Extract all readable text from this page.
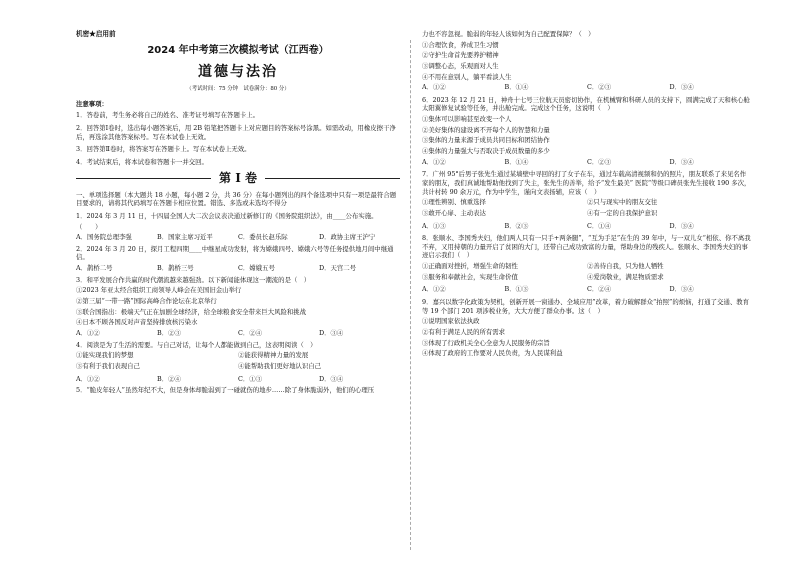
机密★启用前
2024 年中考第三次模拟考试（江西卷）
道德与法治
（考试时间：75 分钟　试卷满分：80 分）
注意事项：

1．答卷前，考生务必将自己的姓名、准考证号填写在答题卡上。

2．回答第Ⅰ卷时，选出每小题答案后，用 2B 铅笔把答题卡上对应题目的答案标号涂黑。如需改动，用橡皮擦干净后，再选涂其他答案标号。写在本试卷上无效。

3．回答第Ⅱ卷时，将答案写在答题卡上。写在本试卷上无效。

4．考试结束后，将本试卷和答题卡一并交回。

第 Ⅰ 卷

一、单项选择题（本大题共 18 小题，每小题 2 分，共 36 分）在每小题列出的四个备选项中只有一项是最符合题目要求的，请将其代码填写在答题卡相应位置。错选、多选或未选均不得分

1．2024 年 3 月 11 日，十四届全国人大二次会议表决通过新修订的《国务院组织法》，由____公布实施。

（　　）

A．国务院总理李强	B．国家主席习近平	C．委员长赵乐际	D．政协主席王沪宁

2．2024 年 3 月 20 日，探月工程四期____中继星成功发射，将为嫦娥四号、嫦娥六号等任务提供地月间中继通信。

A．鹊桥二号	B．鹊桥三号	C．嫦娥五号	D．天宫二号

3．和平发展合作共赢的时代潮流越来越强劲。以下新闻能体现这一潮流的是（　）

①2023 年亚太经合组织工商领导人峰会在美国旧金山举行

②第三届“一带一路”国际高峰合作论坛在北京举行

③联合国指出：极端天气正在加剧全球经济，给全球粮食安全带来巨大风险和挑战

④日本不顾各国反对声音坚持排放核污染水

A．①②	B．②③	C．②④	D．③④

4．阅读是为了生活的需要。与自己对话，让每个人都能做到自己，这表明阅读（　）

①能实现我们的梦想	②能获得精神力量的发展
③有利于我们表现自己	④能帮助我们更好地认识自己
A．①②	B．②④	C．①③	D．③④

5．“脆皮年轻人”虽然年纪不大，但是身体却脆弱到了一碰就伤的地步……除了身体脆弱外，他们的心理压

力也不容忽视。脆弱的年轻人该如何为自己配置保障？（　）

①合理饮食，养成卫生习惯

②守护生命首先要养护精神

③调整心态，乐观面对人生

④不用在意别人，躺平看淡人生

A．①②	B．①④	C．②③	D．③④

6．2023 年 12 月 21 日，神舟十七号三位航天员密切协作，在机械臂和科研人员的支持下，圆满完成了天和核心舱太阳翼修复试验等任务，并出舱完成。完成这个任务，这说明（　）

①集体可以影响甚至改变一个人

②美好集体的建设离不开每个人的智慧和力量

③集体的力量来源于成员共同目标和团结协作

④集体的力量强大与否取决于成员数量的多少

A．①②	B．①④	C．②③	D．③④

7．广州 95°后男子张先生通过某墙壁中寻回的打了女子在车，通过车载高清视频和仍的照片，朋友联系了来见名作家的朋友，我们真诚地帮助他找到了失主，张先生的善举，给予“发生最美” 医院“等级口碑员张先生接收 190 多次，共计村转 90 余万元，作为中学生，谨向文表扬辅，应该（　）

①理性辨别、慎重选择	②只与现实中的朋友交往
③敢开心扉、主动表达	④有一定的自我保护意识
A．①③	B．②③	C．①④	D．③④

8．张顺水、李国秀夫妇，他们两人只有一只手+两条腿”，“互为手足”在生的 39 年中，与一双儿女“相依、你不离我不弃，又用持朝的力量开启了贫困的大门，还带自己成功致富的力量，帮助身边的残疾人。张顺水、李国秀夫妇的事迹启示我们（　）

①正确面对挫折，增强生命的韧性	②善待自我，只为他人牺牲
③服务和奉献社会，实现生命价值	④爱岗敬业，满足物质需求
A．①②	B．①③	C．②④	D．③④

9．嘉兴以数字化政策为契机，创新开展一窗通办、全域应用”改革，着力破解群众“拍照”的烦恼，打通了交通、教育等 19 个部门 201 项涉税业务，大大方便了群众办事。这（　）

①说明国家依法执政

②有利于满足人民的所有需求

③体现了行政机关全心全意为人民服务的宗旨

④体现了政府的工作要对人民负责，为人民谋利益
